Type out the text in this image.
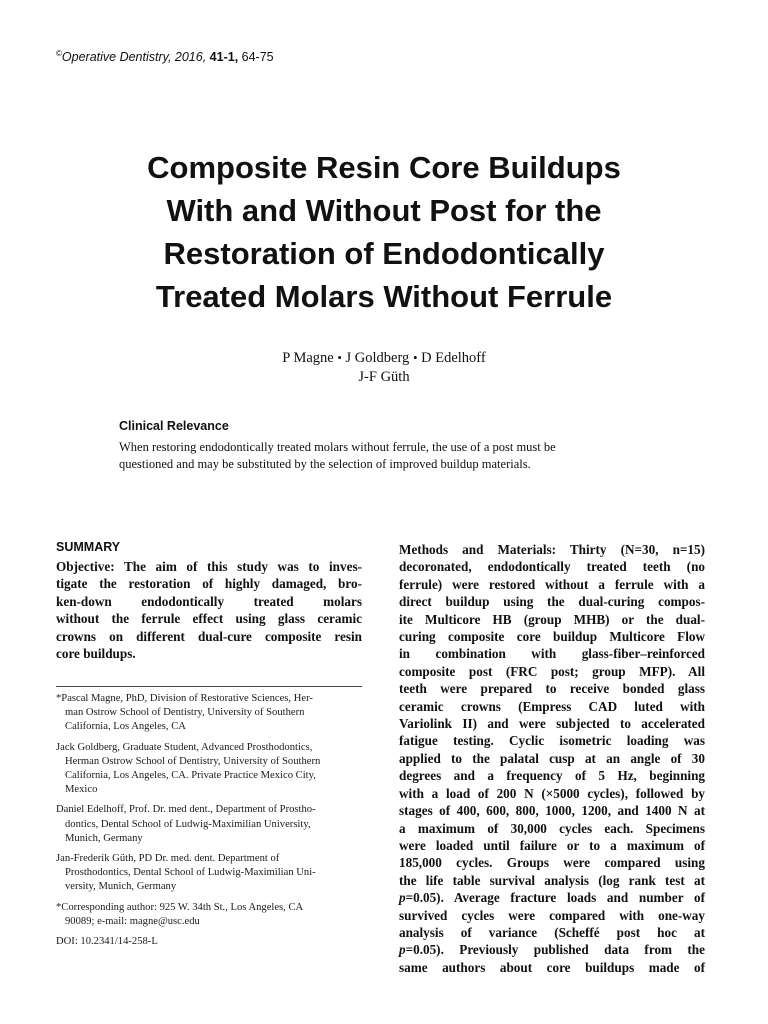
©Operative Dentistry, 2016, 41-1, 64-75
Composite Resin Core Buildups
With and Without Post for the
Restoration of Endodontically
Treated Molars Without Ferrule
P Magne • J Goldberg • D Edelhoff
J-F Güth
Clinical Relevance
When restoring endodontically treated molars without ferrule, the use of a post must be
questioned and may be substituted by the selection of improved buildup materials.
SUMMARY
Objective: The aim of this study was to inves-
tigate the restoration of highly damaged, bro-
ken-down endodontically treated molars
without the ferrule effect using glass ceramic
crowns on different dual-cure composite resin
core buildups.
*Pascal Magne, PhD, Division of Restorative Sciences, Her-
man Ostrow School of Dentistry, University of Southern
California, Los Angeles, CA
Jack Goldberg, Graduate Student, Advanced Prosthodontics,
Herman Ostrow School of Dentistry, University of Southern
California, Los Angeles, CA. Private Practice Mexico City,
Mexico
Daniel Edelhoff, Prof. Dr. med dent., Department of Prostho-
dontics, Dental School of Ludwig-Maximilian University,
Munich, Germany
Jan-Frederik Güth, PD Dr. med. dent. Department of
Prosthodontics, Dental School of Ludwig-Maximilian Uni-
versity, Munich, Germany
*Corresponding author: 925 W. 34th St., Los Angeles, CA
90089; e-mail: magne@usc.edu
DOI: 10.2341/14-258-L
Methods and Materials: Thirty (N=30, n=15)
decoronated, endodontically treated teeth (no
ferrule) were restored without a ferrule with a
direct buildup using the dual-curing compos-
ite Multicore HB (group MHB) or the dual-
curing composite core buildup Multicore Flow
in combination with glass-fiber–reinforced
composite post (FRC post; group MFP). All
teeth were prepared to receive bonded glass
ceramic crowns (Empress CAD luted with
Variolink II) and were subjected to accelerated
fatigue testing. Cyclic isometric loading was
applied to the palatal cusp at an angle of 30
degrees and a frequency of 5 Hz, beginning
with a load of 200 N (×5000 cycles), followed by
stages of 400, 600, 800, 1000, 1200, and 1400 N at
a maximum of 30,000 cycles each. Specimens
were loaded until failure or to a maximum of
185,000 cycles. Groups were compared using
the life table survival analysis (log rank test at
p=0.05). Average fracture loads and number of
survived cycles were compared with one-way
analysis of variance (Scheffé post hoc at
p=0.05). Previously published data from the
same authors about core buildups made of
